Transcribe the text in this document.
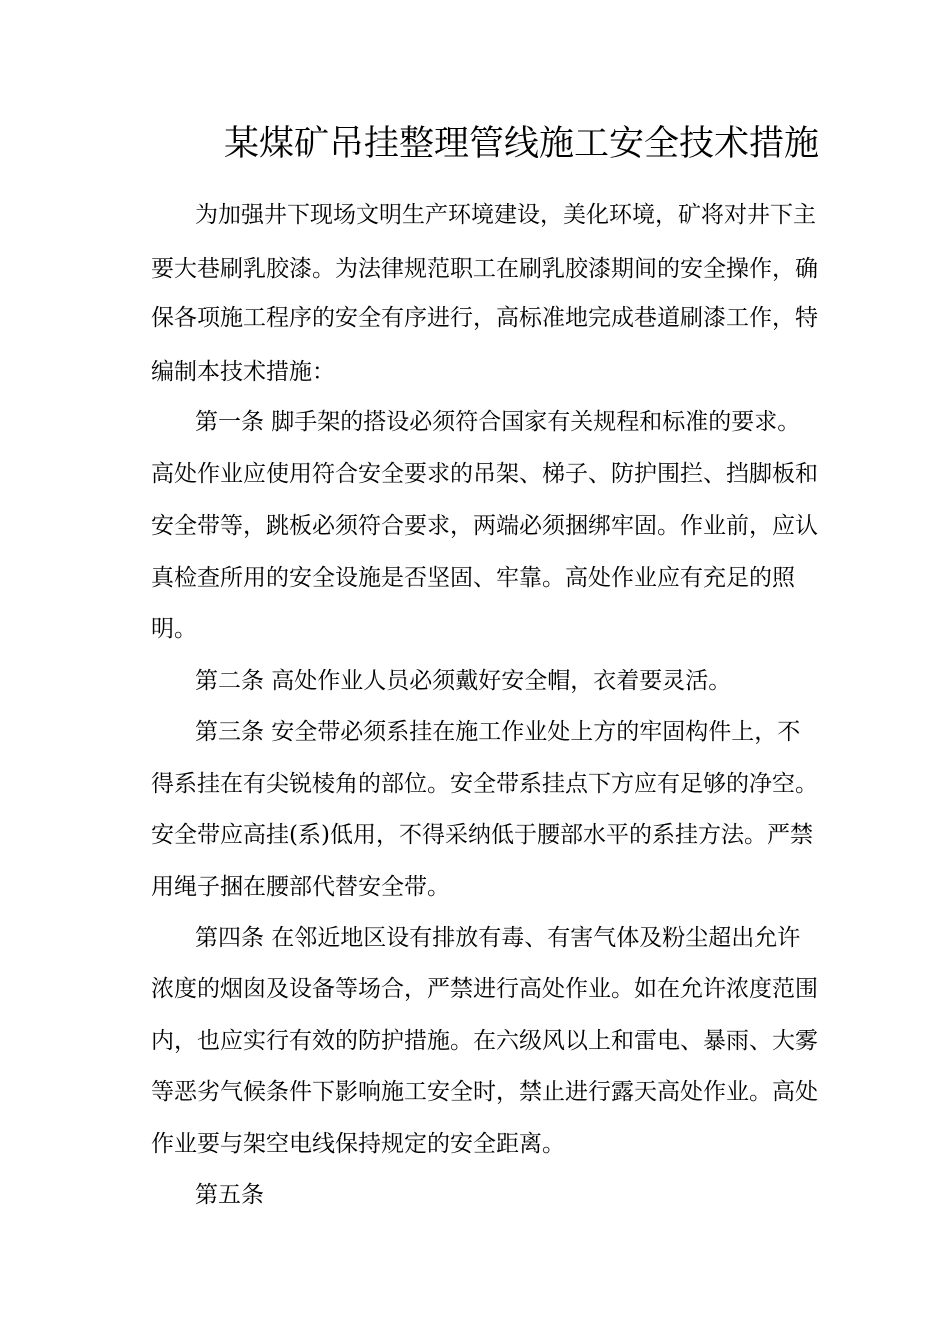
某煤矿吊挂整理管线施工安全技术措施
为加强井下现场文明生产环境建设，美化环境，矿将对井下主
要大巷刷乳胶漆。为法律规范职工在刷乳胶漆期间的安全操作，确
保各项施工程序的安全有序进行，高标准地完成巷道刷漆工作，特
编制本技术措施：
第一条 脚手架的搭设必须符合国家有关规程和标准的要求。
高处作业应使用符合安全要求的吊架、梯子、防护围拦、挡脚板和
安全带等，跳板必须符合要求，两端必须捆绑牢固。作业前，应认
真检查所用的安全设施是否坚固、牢靠。高处作业应有充足的照
明。
第二条 高处作业人员必须戴好安全帽，衣着要灵活。
第三条 安全带必须系挂在施工作业处上方的牢固构件上，不
得系挂在有尖锐棱角的部位。安全带系挂点下方应有足够的净空。
安全带应高挂(系)低用，不得采纳低于腰部水平的系挂方法。严禁
用绳子捆在腰部代替安全带。
第四条 在邻近地区设有排放有毒、有害气体及粉尘超出允许
浓度的烟囱及设备等场合，严禁进行高处作业。如在允许浓度范围
内，也应实行有效的防护措施。在六级风以上和雷电、暴雨、大雾
等恶劣气候条件下影响施工安全时，禁止进行露天高处作业。高处
作业要与架空电线保持规定的安全距离。
第五条
